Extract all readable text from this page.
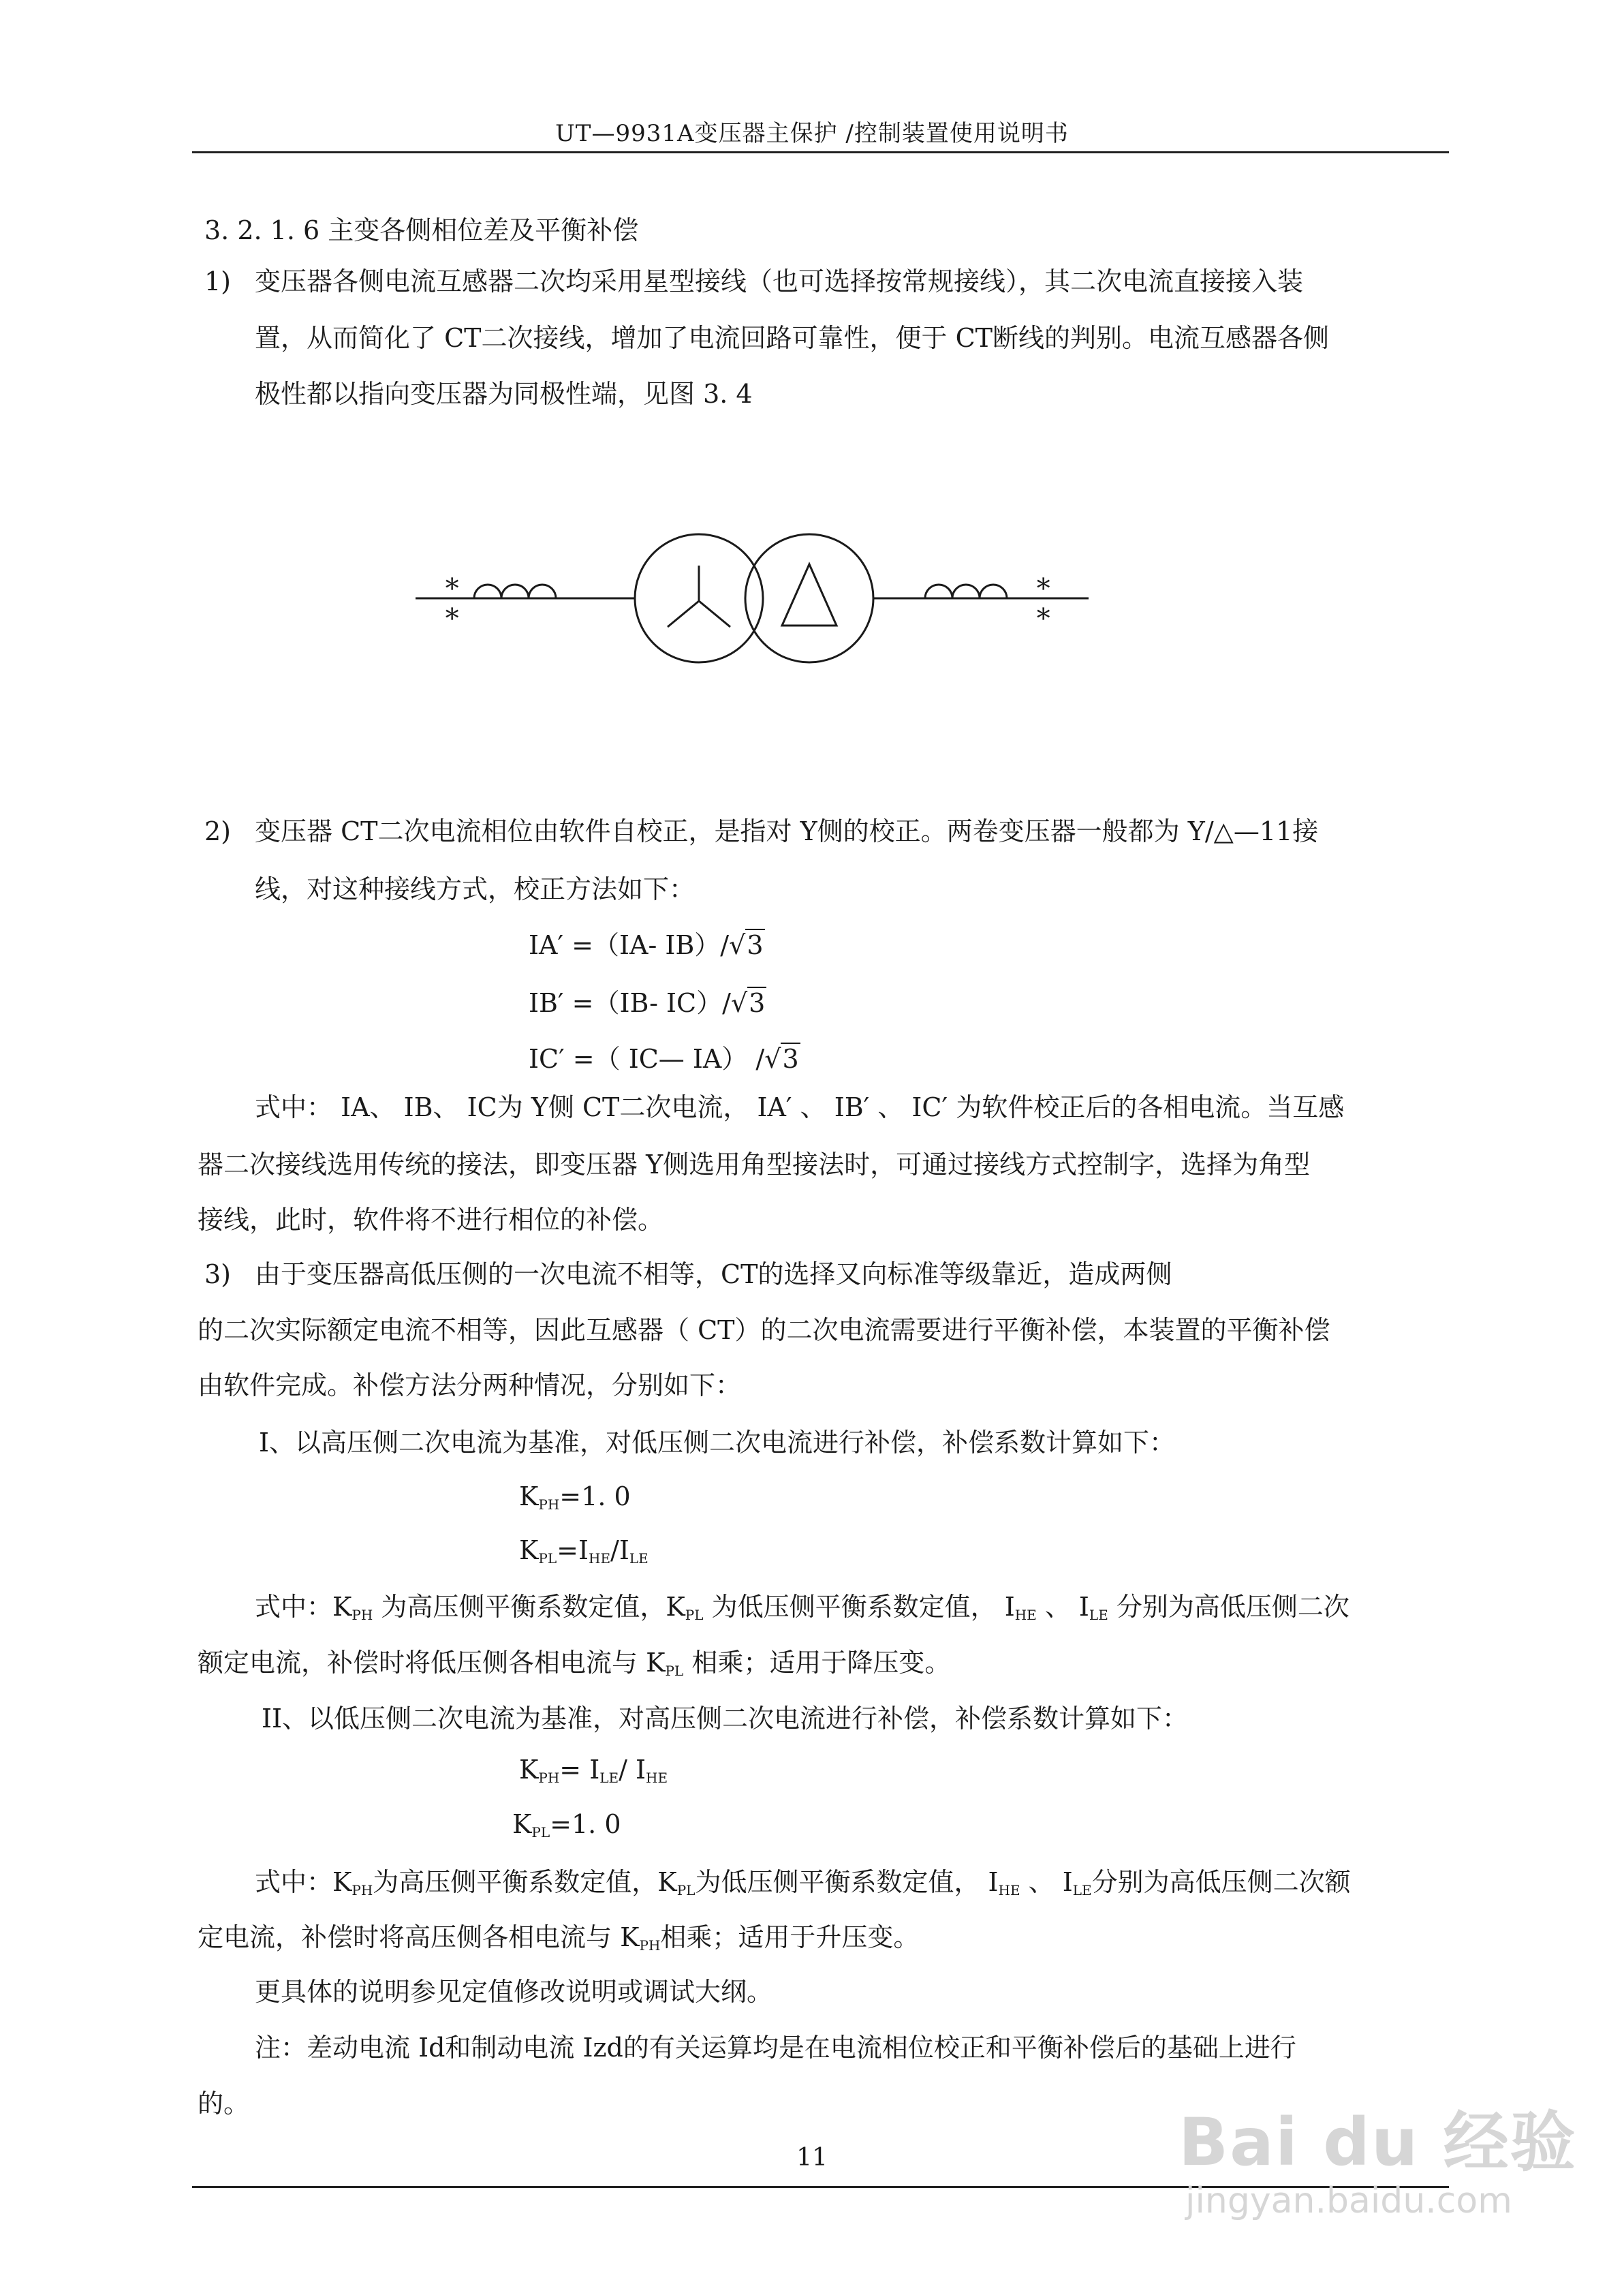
UT—9931A变压器主保护 /控制装置使用说明书
3. 2. 1. 6 主变各侧相位差及平衡补偿
1) 变压器各侧电流互感器二次均采用星型接线（也可选择按常规接线），其二次电流直接接入装
置，从而简化了 CT二次接线，增加了电流回路可靠性，便于 CT断线的判别。电流互感器各侧
极性都以指向变压器为同极性端，见图 3. 4
∗
∗
∗
∗
2) 变压器 CT二次电流相位由软件自校正，是指对 Y侧的校正。两卷变压器一般都为 Y/△—11接
线，对这种接线方式，校正方法如下：
IA′ =（IA- IB）/√3
IB′ =（IB- IC）/√3
IC′ =（ IC— IA） /√3
式中： IA、 IB、 IC为 Y侧 CT二次电流， IA′ 、 IB′ 、 IC′ 为软件校正后的各相电流。当互感
器二次接线选用传统的接法，即变压器 Y侧选用角型接法时，可通过接线方式控制字，选择为角型
接线，此时，软件将不进行相位的补偿。
3) 由于变压器高低压侧的一次电流不相等，CT的选择又向标准等级靠近，造成两侧
的二次实际额定电流不相等，因此互感器（ CT）的二次电流需要进行平衡补偿，本装置的平衡补偿
由软件完成。补偿方法分两种情况，分别如下：
I、以高压侧二次电流为基准，对低压侧二次电流进行补偿，补偿系数计算如下：
$K_{PH}=1$. 0
$K_{PL}=I_{HE}/I_{LE}$
式中：$K_{PH}$ 为高压侧平衡系数定值，$K_{PL}$ 为低压侧平衡系数定值， $I_{HE}$ 、 $I_{LE}$ 分别为高低压侧二次
额定电流，补偿时将低压侧各相电流与 $K_{PL}$ 相乘；适用于降压变。
II、以低压侧二次电流为基准，对高压侧二次电流进行补偿，补偿系数计算如下：
$K_{PH}= I_{LE}/$ $I_{HE}$
$K_{PL}=1$. 0
式中：$K_{PH}$为高压侧平衡系数定值，$K_{PL}$为低压侧平衡系数定值， $I_{HE}$ 、 $I_{LE}$分别为高低压侧二次额
定电流，补偿时将高压侧各相电流与 $K_{PH}$相乘；适用于升压变。
更具体的说明参见定值修改说明或调试大纲。
注：差动电流 Id和制动电流 Izd的有关运算均是在电流相位校正和平衡补偿后的基础上进行
的。
11	Bai du 经验
jingyan.baidu.com
